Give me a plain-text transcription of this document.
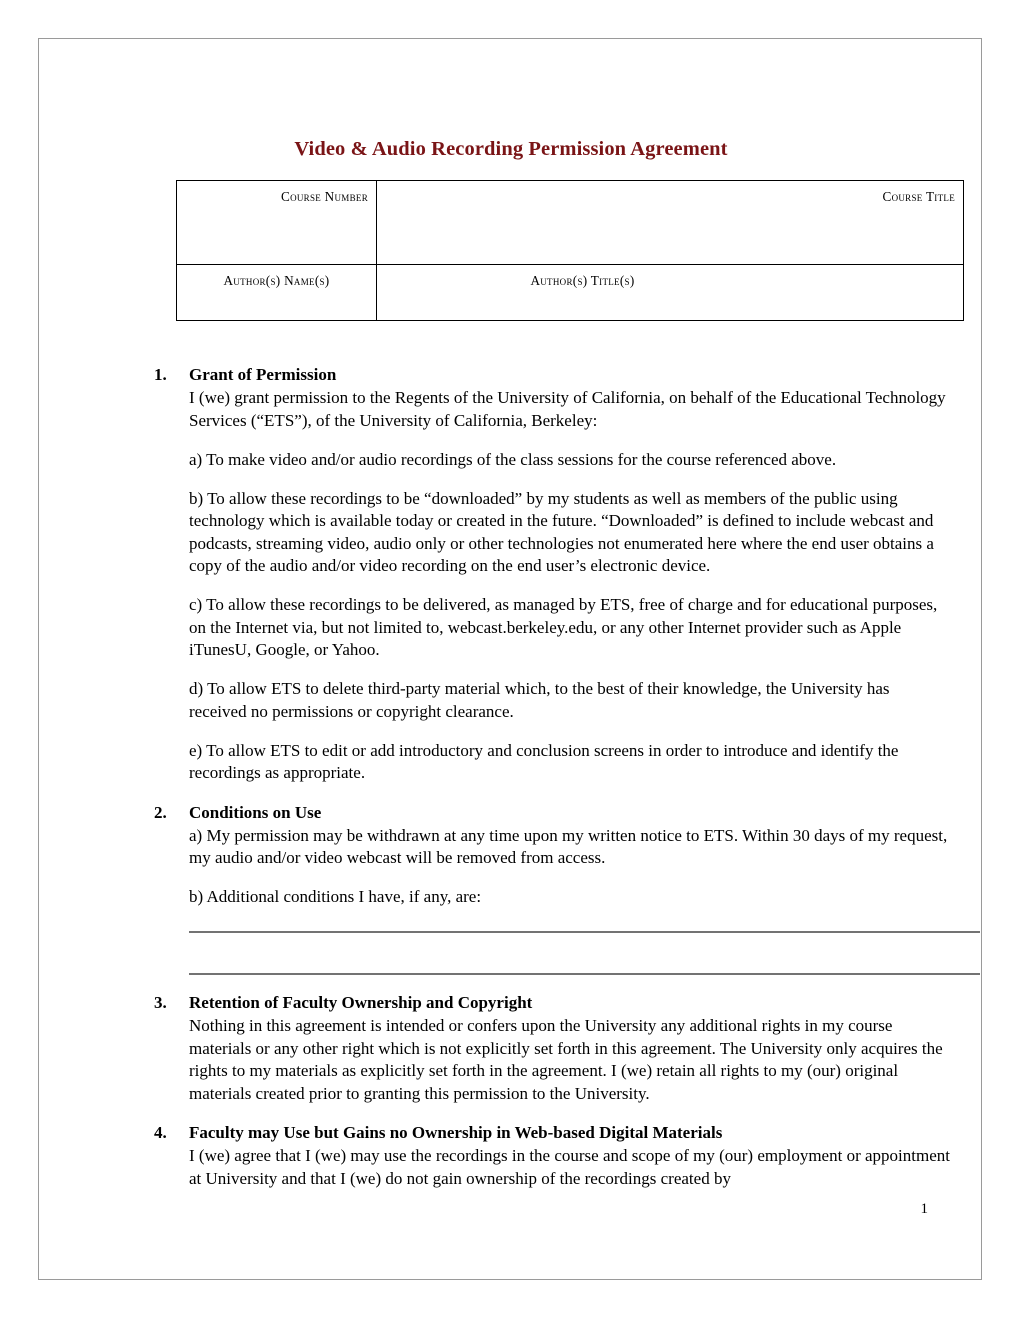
Video & Audio Recording Permission Agreement
Course Number	Course Title
Author(s) Name(s)	Author(s) Title(s)
1. Grant of Permission

I (we) grant permission to the Regents of the University of California, on behalf of the Educational Technology Services (“ETS”), of the University of California, Berkeley:

a) To make video and/or audio recordings of the class sessions for the course referenced above.

b) To allow these recordings to be “downloaded” by my students as well as members of the public using technology which is available today or created in the future. “Downloaded” is defined to include webcast and podcasts, streaming video, audio only or other technologies not enumerated here where the end user obtains a copy of the audio and/or video recording on the end user’s electronic device.

c) To allow these recordings to be delivered, as managed by ETS, free of charge and for educational purposes, on the Internet via, but not limited to, webcast.berkeley.edu, or any other Internet provider such as Apple iTunesU, Google, or Yahoo.

d) To allow ETS to delete third-party material which, to the best of their knowledge, the University has received no permissions or copyright clearance.

e) To allow ETS to edit or add introductory and conclusion screens in order to introduce and identify the recordings as appropriate.

2. Conditions on Use

a) My permission may be withdrawn at any time upon my written notice to ETS. Within 30 days of my request, my audio and/or video webcast will be removed from access.

b) Additional conditions I have, if any, are:

3. Retention of Faculty Ownership and Copyright

Nothing in this agreement is intended or confers upon the University any additional rights in my course materials or any other right which is not explicitly set forth in this agreement. The University only acquires the rights to my materials as explicitly set forth in the agreement. I (we) retain all rights to my (our) original materials created prior to granting this permission to the University.

4. Faculty may Use but Gains no Ownership in Web-based Digital Materials

I (we) agree that I (we) may use the recordings in the course and scope of my (our) employment or appointment at University and that I (we) do not gain ownership of the recordings created by

1
